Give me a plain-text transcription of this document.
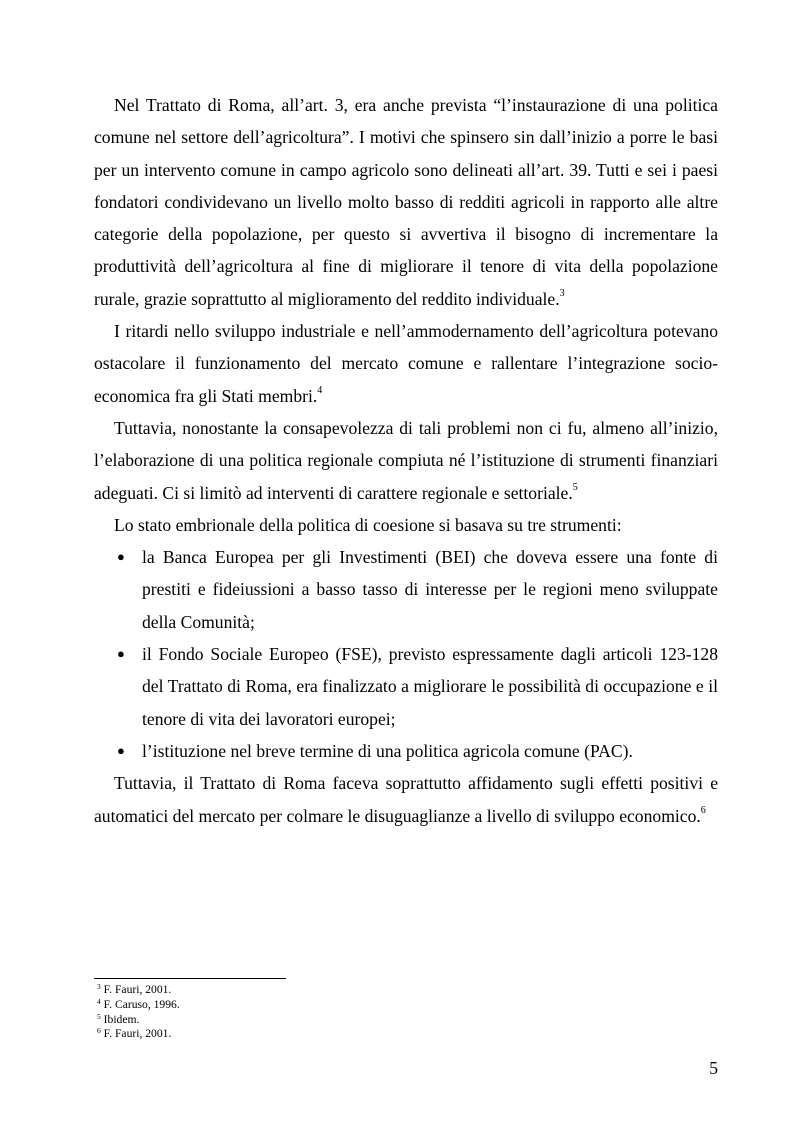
Nel Trattato di Roma, all’art. 3, era anche prevista “l’instaurazione di una politica comune nel settore dell’agricoltura”. I motivi che spinsero sin dall’inizio a porre le basi per un intervento comune in campo agricolo sono delineati all’art. 39. Tutti e sei i paesi fondatori condividevano un livello molto basso di redditi agricoli in rapporto alle altre categorie della popolazione, per questo si avvertiva il bisogno di incrementare la produttività dell’agricoltura al fine di migliorare il tenore di vita della popolazione rurale, grazie soprattutto al miglioramento del reddito individuale.$^3$

I ritardi nello sviluppo industriale e nell’ammodernamento dell’agricoltura potevano ostacolare il funzionamento del mercato comune e rallentare l’integrazione socio-economica fra gli Stati membri.$^4$

Tuttavia, nonostante la consapevolezza di tali problemi non ci fu, almeno all’inizio, l’elaborazione di una politica regionale compiuta né l’istituzione di strumenti finanziari adeguati. Ci si limitò ad interventi di carattere regionale e settoriale.$^5$

Lo stato embrionale della politica di coesione si basava su tre strumenti:

● la Banca Europea per gli Investimenti (BEI) che doveva essere una fonte di prestiti e fideiussioni a basso tasso di interesse per le regioni meno sviluppate della Comunità;
● il Fondo Sociale Europeo (FSE), previsto espressamente dagli articoli 123-128 del Trattato di Roma, era finalizzato a migliorare le possibilità di occupazione e il tenore di vita dei lavoratori europei;
● l’istituzione nel breve termine di una politica agricola comune (PAC).

Tuttavia, il Trattato di Roma faceva soprattutto affidamento sugli effetti positivi e automatici del mercato per colmare le disuguaglianze a livello di sviluppo economico.$^6$

$^3$ F. Fauri, 2001.

$^4$ F. Caruso, 1996.

$^5$ Ibidem.

$^6$ F. Fauri, 2001.

5
